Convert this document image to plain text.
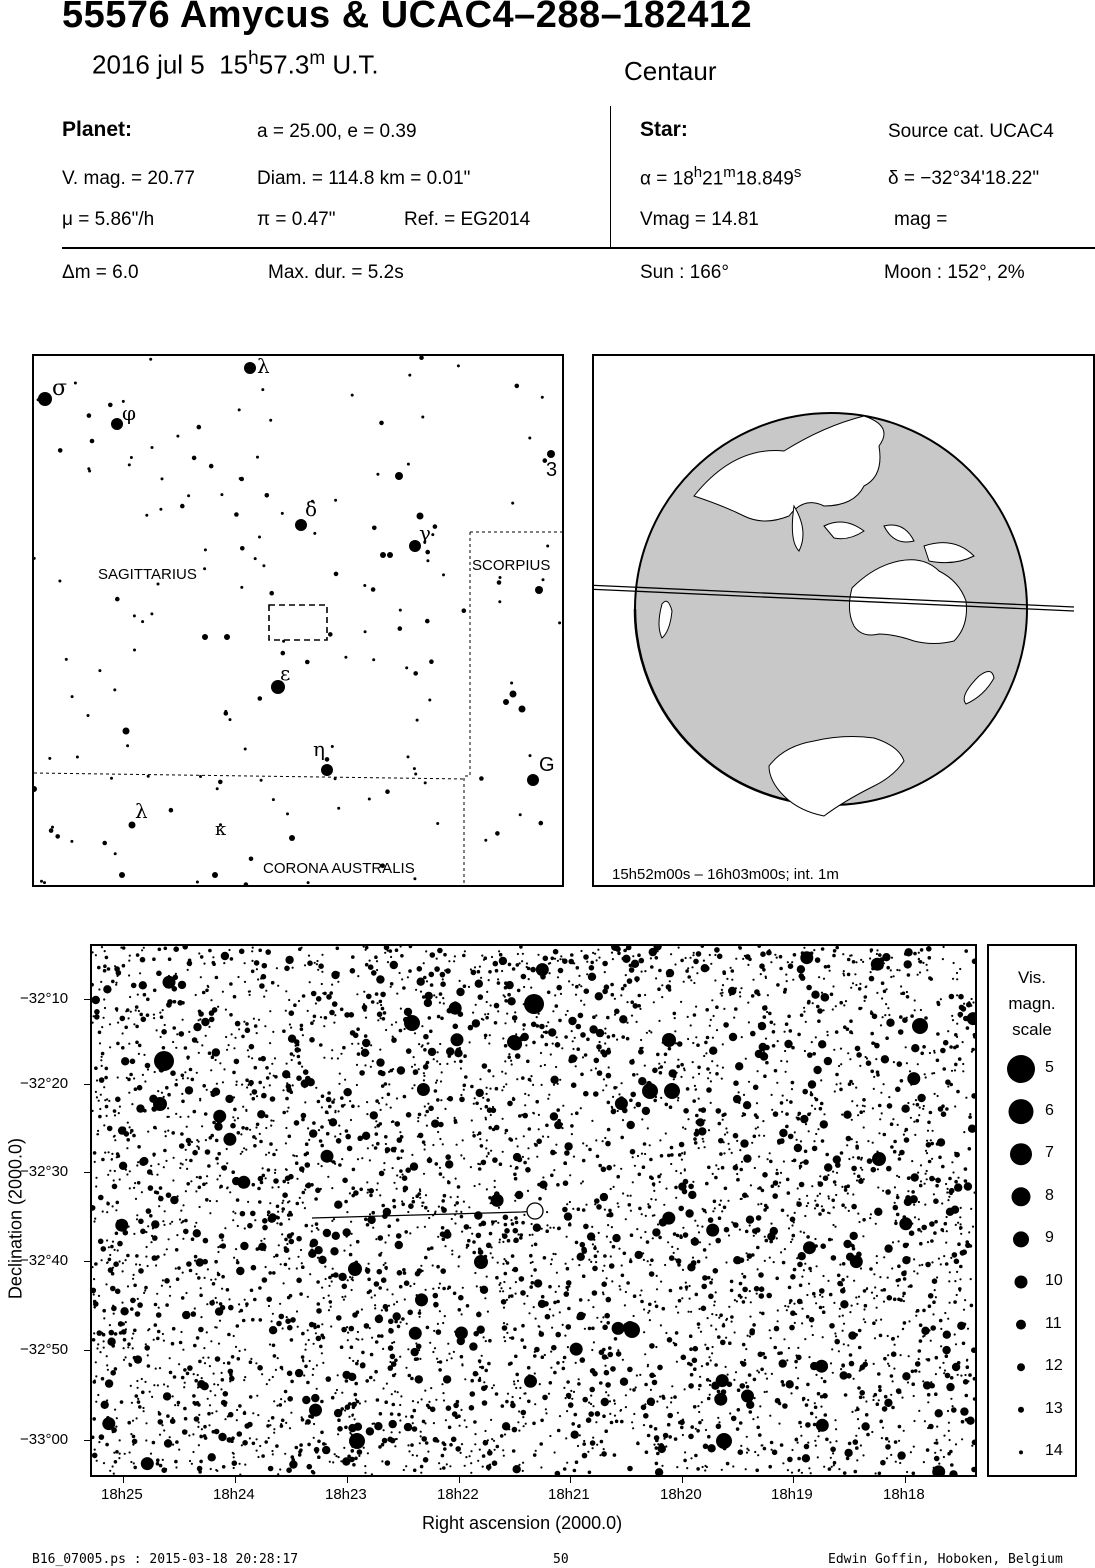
55576 Amycus & UCAC4–288–182412
2016 jul 5 15$^h$57.3$^m$ U.T.	Centaur
Planet:	a = 25.00, e = 0.39
V. mag. = 20.77	Diam. = 114.8 km = 0.01"
μ = 5.86"/h	π = 0.47"	Ref. = EG2014
Star:	Source cat. UCAC4
$\alpha = 18^h21^m18.849^s$	δ = −32°34'18.22"
Vmag = 14.81	mag =
Δm = 6.0	Max. dur. = 5.2s	Sun : 166°	Moon : 152°, 2%
SAGITTARIUS
SCORPIUS
CORONA AUSTRALIS
σ
φ
λ
δ
γ
ε
η
λ
κ
3
G
15h52m00s – 16h03m00s; int. 1m
−32°10
−32°20
−32°30
−32°40
−32°50
−33°00
18h25	18h24	18h23	18h22	18h21	18h20	18h19	18h18
Right ascension (2000.0)
Declination (2000.0)
Vis.
magn.
scale
5
6
7
8
9
10
11
12
13
14
B16_07005.ps : 2015-03-18 20:28:17	50	Edwin Goffin, Hoboken, Belgium
